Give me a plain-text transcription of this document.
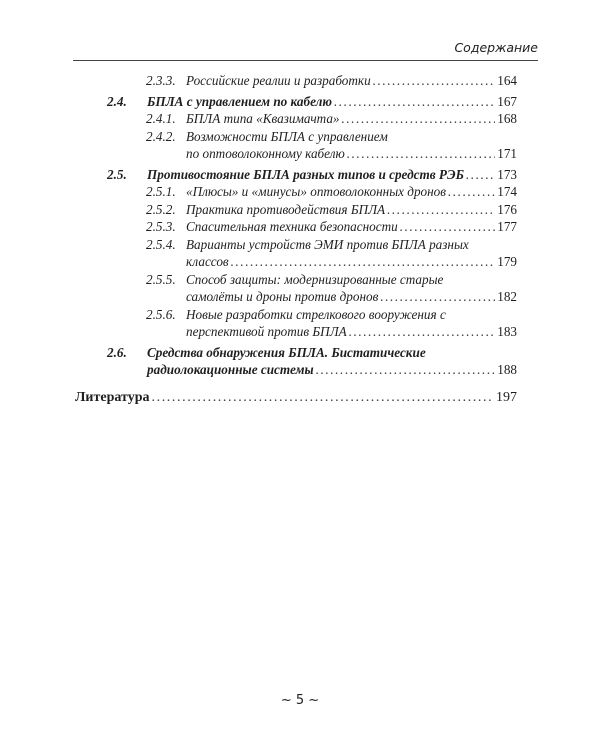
Содержание
2.3.3. Российские реалии и разработки .....	164
2.4.	БПЛА с управлением по кабелю .....	167
2.4.1. БПЛА типа «Квазимачта» .....	168
2.4.2. Возможности БПЛА с управлением
по оптоволоконному кабелю .....	171
2.5.	Противостояние БПЛА разных типов и средств РЭБ .....	173
2.5.1. «Плюсы» и «минусы» оптоволоконных дронов .....	174
2.5.2. Практика противодействия БПЛА .....	176
2.5.3. Спасительная техника безопасности .....	177
2.5.4. Варианты устройств ЭМИ против БПЛА разных
классов .....	179
2.5.5. Способ защиты: модернизированные старые
самолёты и дроны против дронов .....	182
2.5.6. Новые разработки стрелкового вооружения с
перспективой против БПЛА .....	183
2.6.	Средства обнаружения БПЛА. Бистатические
радиолокационные системы .....	188
Литература .....	197
~ 5 ~
